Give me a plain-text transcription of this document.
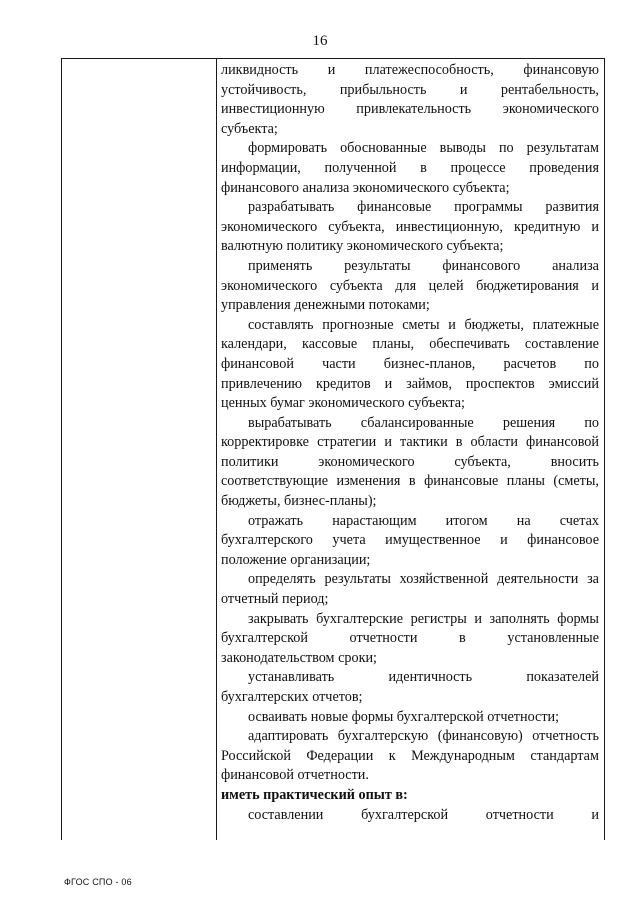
16
ликвидность и платежеспособность, финансовую
устойчивость, прибыльность и рентабельность,
инвестиционную привлекательность экономического
субъекта;
формировать обоснованные выводы по результатам
информации, полученной в процессе проведения
финансового анализа экономического субъекта;
разрабатывать финансовые программы развития
экономического субъекта, инвестиционную, кредитную и
валютную политику экономического субъекта;
применять результаты финансового анализа
экономического субъекта для целей бюджетирования и
управления денежными потоками;
составлять прогнозные сметы и бюджеты, платежные
календари, кассовые планы, обеспечивать составление
финансовой части бизнес-планов, расчетов по
привлечению кредитов и займов, проспектов эмиссий
ценных бумаг экономического субъекта;
вырабатывать сбалансированные решения по
корректировке стратегии и тактики в области финансовой
политики	экономического	субъекта,	вносить
соответствующие изменения в финансовые планы (сметы,
бюджеты, бизнес-планы);
отражать нарастающим итогом на счетах
бухгалтерского учета имущественное и финансовое
положение организации;
определять результаты хозяйственной деятельности за
отчетный период;
закрывать бухгалтерские регистры и заполнять формы
бухгалтерской	отчетности	в	установленные
законодательством сроки;
устанавливать	идентичность	показателей
бухгалтерских отчетов;
осваивать новые формы бухгалтерской отчетности;
адаптировать бухгалтерскую (финансовую) отчетность
Российской Федерации к Международным стандартам
финансовой отчетности.
иметь практический опыт в:
составлении	бухгалтерской	отчетности	и
ФГОС СПО - 06
